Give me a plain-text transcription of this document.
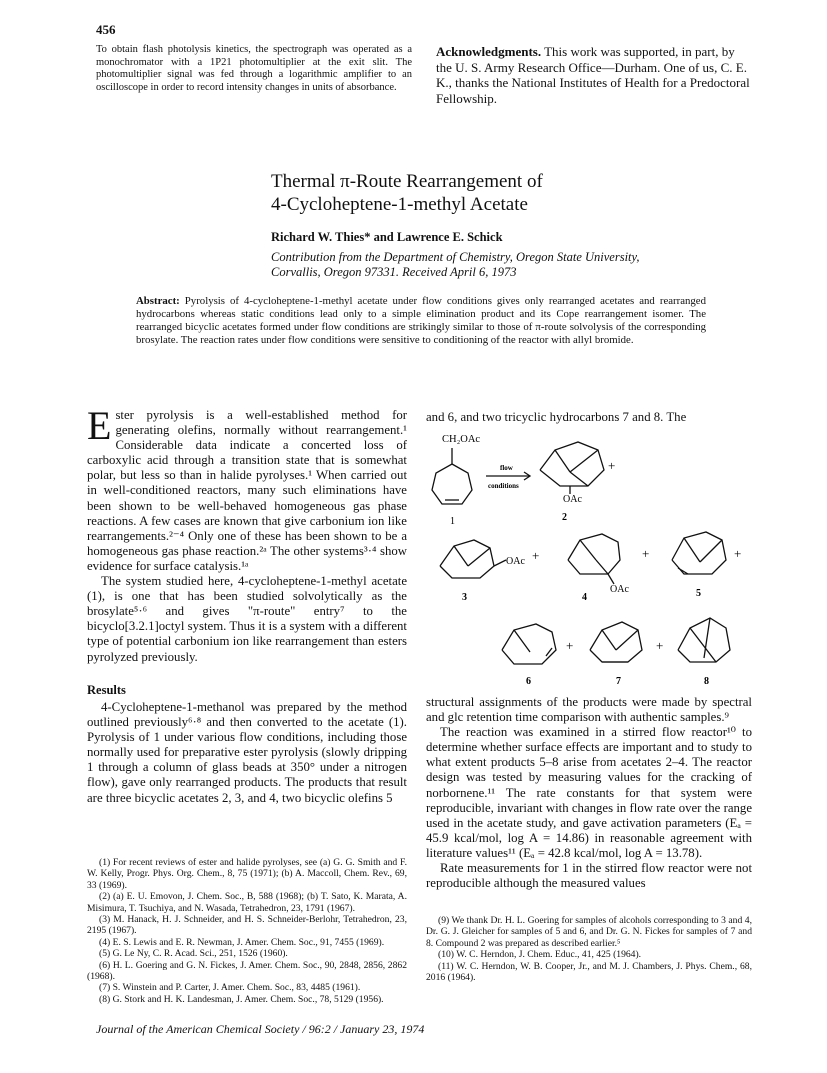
456
To obtain flash photolysis kinetics, the spectrograph was operated as a monochromator with a 1P21 photomultiplier at the exit slit. The photomultiplier signal was fed through a logarithmic amplifier to an oscilloscope in order to record intensity changes in units of absorbance.
Acknowledgments. This work was supported, in part, by the U. S. Army Research Office—Durham. One of us, C. E. K., thanks the National Institutes of Health for a Predoctoral Fellowship.
Thermal π-Route Rearrangement of
4-Cycloheptene-1-methyl Acetate
Richard W. Thies* and Lawrence E. Schick
Contribution from the Department of Chemistry, Oregon State University, Corvallis, Oregon 97331. Received April 6, 1973
Abstract: Pyrolysis of 4-cycloheptene-1-methyl acetate under flow conditions gives only rearranged acetates and rearranged hydrocarbons whereas static conditions lead only to a simple elimination product and its Cope rearrangement isomer. The rearranged bicyclic acetates formed under flow conditions are strikingly similar to those of π-route solvolysis of the corresponding brosylate. The reaction rates under flow conditions were sensitive to conditioning of the reactor with allyl bromide.

Ester pyrolysis is a well-established method for generating olefins, normally without rearrangement.¹ Considerable data indicate a concerted loss of carboxylic acid through a transition state that is somewhat polar, but less so than in halide pyrolyses.¹ When carried out in well-conditioned reactors, many such eliminations have been shown to be well-behaved homogeneous gas phase reactions. A few cases are known that give carbonium ion like rearrangements.²⁻⁴ Only one of these has been shown to be a homogeneous gas phase reaction.²ᵃ The other systems³·⁴ show evidence for surface catalysis.¹ᵃ

The system studied here, 4-cycloheptene-1-methyl acetate (1), is one that has been studied solvolytically as the brosylate⁵·⁶ and gives "π-route" entry⁷ to the bicyclo[3.2.1]octyl system. Thus it is a system with a different type of potential carbonium ion like rearrangement than esters pyrolyzed previously.

Results

4-Cycloheptene-1-methanol was prepared by the method outlined previously⁶·⁸ and then converted to the acetate (1). Pyrolysis of 1 under various flow conditions, including those normally used for preparative ester pyrolysis (slowly dripping 1 through a column of glass beads at 350° under a nitrogen flow), gave only rearranged products. The products that result are three bicyclic acetates 2, 3, and 4, two bicyclic olefins 5

(1) For recent reviews of ester and halide pyrolyses, see (a) G. G. Smith and F. W. Kelly, Progr. Phys. Org. Chem., 8, 75 (1971); (b) A. Maccoll, Chem. Rev., 69, 33 (1969).

(2) (a) E. U. Emovon, J. Chem. Soc., B, 588 (1968); (b) T. Sato, K. Marata, A. Misimura, T. Tsuchiya, and N. Wasada, Tetrahedron, 23, 1791 (1967).

(3) M. Hanack, H. J. Schneider, and H. S. Schneider-Berlohr, Tetrahedron, 23, 2195 (1967).

(4) E. S. Lewis and E. R. Newman, J. Amer. Chem. Soc., 91, 7455 (1969).

(5) G. Le Ny, C. R. Acad. Sci., 251, 1526 (1960).

(6) H. L. Goering and G. N. Fickes, J. Amer. Chem. Soc., 90, 2848, 2856, 2862 (1968).

(7) S. Winstein and P. Carter, J. Amer. Chem. Soc., 83, 4485 (1961).

(8) G. Stork and H. K. Landesman, J. Amer. Chem. Soc., 78, 5129 (1956).

and 6, and two tricyclic hydrocarbons 7 and 8. The
CH₂OAc
flow
conditions
OAc
OAc
OAc
+
+	+	+
+	+
1	2
3	4	5
6	7	8

structural assignments of the products were made by spectral and glc retention time comparison with authentic samples.⁹

The reaction was examined in a stirred flow reactor¹⁰ to determine whether surface effects are important and to study to what extent products 5–8 arise from acetates 2–4. The reactor design was tested by measuring values for the cracking of norbornene.¹¹ The rate constants for that system were reproducible, invariant with changes in flow rate over the range used in the acetate study, and gave activation parameters (Eₐ = 45.9 kcal/mol, log A = 14.86) in reasonable agreement with literature values¹¹ (Eₐ = 42.8 kcal/mol, log A = 13.78).

Rate measurements for 1 in the stirred flow reactor were not reproducible although the measured values

(9) We thank Dr. H. L. Goering for samples of alcohols corresponding to 3 and 4, Dr. G. J. Gleicher for samples of 5 and 6, and Dr. G. N. Fickes for samples of 7 and 8. Compound 2 was prepared as described earlier.⁵

(10) W. C. Herndon, J. Chem. Educ., 41, 425 (1964).

(11) W. C. Herndon, W. B. Cooper, Jr., and M. J. Chambers, J. Phys. Chem., 68, 2016 (1964).

Journal of the American Chemical Society / 96:2 / January 23, 1974
